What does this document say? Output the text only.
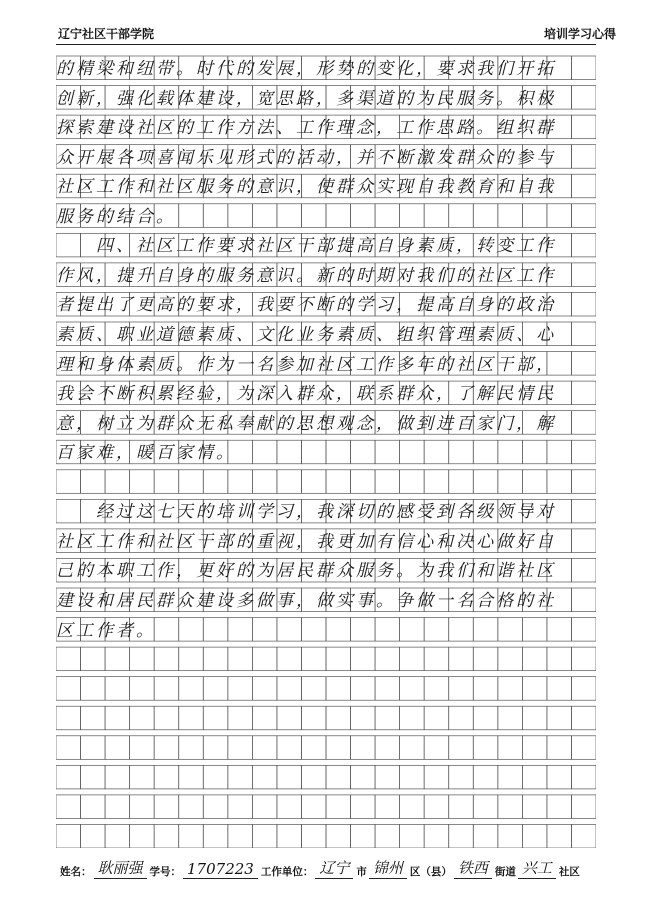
辽宁社区干部学院	培训学习心得
的 精 梁 和 纽 带 。 时 代 的 发 展 ， 形 势 的 变 化 ， 要 求 我 们 开 拓
创 新 ， 强 化 载 体 建 设 ， 宽 思 路 ， 多 渠 道 的 为 民 服 务 。 积 极
探 索 建 设 社 区 的 工 作 方 法 、 工 作 理 念 ， 工 作 思 路 。 组 织 群
众 开 展 各 项 喜 闻 乐 见 形 式 的 活 动 ， 并 不 断 激 发 群 众 的 参 与
社 区 工 作 和 社 区 服 务 的 意 识 ， 使 群 众 实 现 自 我 教 育 和 自 我
服 务 的 结 合 。
　 　 四 、 社 区 工 作 要 求 社 区 干 部 提 高 自 身 素 质 ， 转 变 工 作
作 风 ， 提 升 自 身 的 服 务 意 识 。 新 的 时 期 对 我 们 的 社 区 工 作
者 提 出 了 更 高 的 要 求 ， 我 要 不 断 的 学 习 ， 提 高 自 身 的 政 治
素 质 、 职 业 道 德 素 质 、 文 化 业 务 素 质 、 组 织 管 理 素 质 、 心
理 和 身 体 素 质 。 作 为 一 名 参 加 社 区 工 作 多 年 的 社 区 干 部 ，
我 会 不 断 积 累 经 验 ， 为 深 入 群 众 ， 联 系 群 众 ， 了 解 民 情 民
意 ， 树 立 为 群 众 无 私 奉 献 的 思 想 观 念 ， 做 到 进 百 家 门 ， 解
百 家 难 ， 暖 百 家 情 。
　 　 经 过 这 七 天 的 培 训 学 习 ， 我 深 切 的 感 受 到 各 级 领 导 对
社 区 工 作 和 社 区 干 部 的 重 视 ， 我 更 加 有 信 心 和 决 心 做 好 自
己 的 本 职 工 作 ， 更 好 的 为 居 民 群 众 服 务 。 为 我 们 和 谐 社 区
建 设 和 居 民 群 众 建 设 多 做 事 ， 做 实 事 。 争 做 一 名 合 格 的 社
区 工 作 者 。
姓名： 耿丽强 学号： 1707223 工作单位： 辽宁 市 锦州 区（县） 铁西 街道 兴工 社区
